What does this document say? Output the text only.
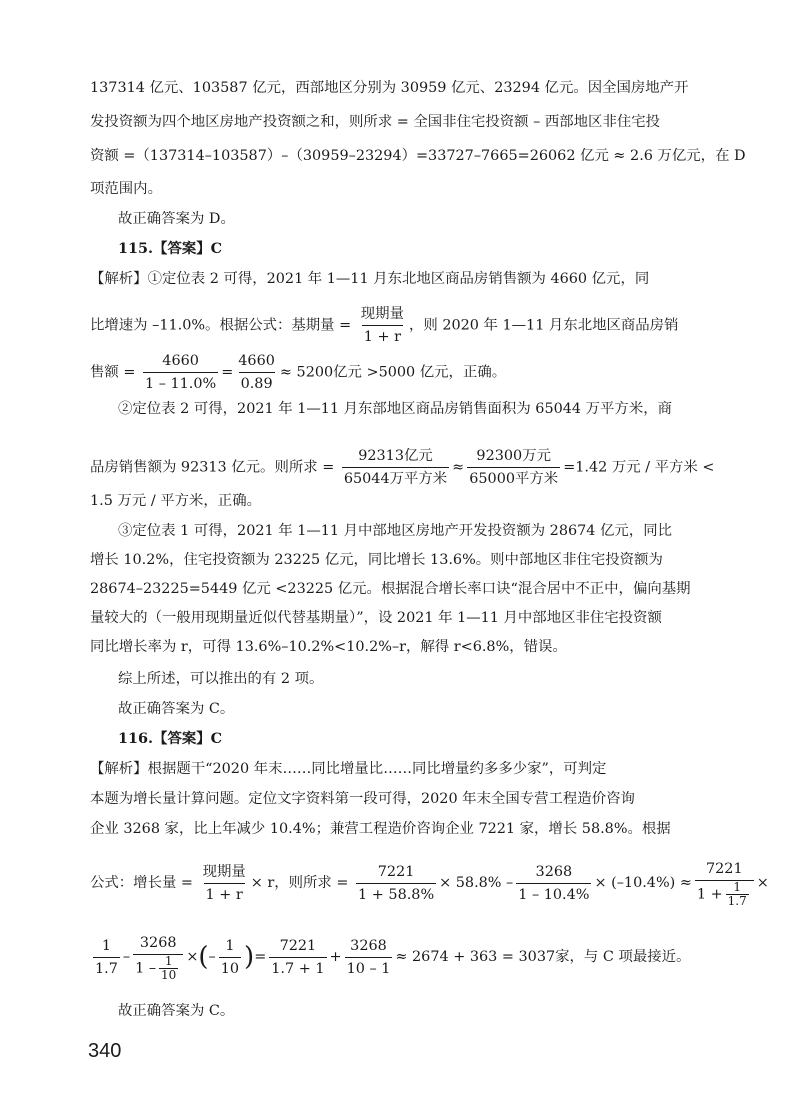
137314 亿元、103587 亿元，西部地区分别为 30959 亿元、23294 亿元。因全国房地产开
发投资额为四个地区房地产投资额之和，则所求 = 全国非住宅投资额 – 西部地区非住宅投
资额 =（137314–103587）–（30959–23294）=33727–7665=26062 亿元 ≈ 2.6 万亿元，在 D
项范围内。
故正确答案为 D。
115.【答案】C
【解析】①定位表 2 可得，2021 年 1—11 月东北地区商品房销售额为 4660 亿元，同
比增速为 –11.0%。根据公式：基期量 = $\frac{\text{现期量}}{1 + r}$ ，则 2020 年 1—11 月东北地区商品房销
售额 = $\frac{4660}{1 - 11.0\%} = \frac{4660}{0.89} \approx 5200$亿元 >5000 亿元，正确。
②定位表 2 可得，2021 年 1—11 月东部地区商品房销售面积为 65044 万平方米，商
品房销售额为 92313 亿元。则所求 = $\frac{\text{92313亿元}}{\text{65044万平方米}} \approx \frac{\text{92300万元}}{\text{65000平方米}} =1.42$ 万元 / 平方米 <
1.5 万元 / 平方米，正确。
③定位表 1 可得，2021 年 1—11 月中部地区房地产开发投资额为 28674 亿元，同比
增长 10.2%，住宅投资额为 23225 亿元，同比增长 13.6%。则中部地区非住宅投资额为
28674–23225=5449 亿元 <23225 亿元。根据混合增长率口诀“混合居中不正中，偏向基期
量较大的（一般用现期量近似代替基期量）”，设 2021 年 1—11 月中部地区非住宅投资额
同比增长率为 r，可得 13.6%–10.2%<10.2%–r，解得 r<6.8%，错误。
综上所述，可以推出的有 2 项。
故正确答案为 C。
116.【答案】C
【解析】根据题干“2020 年末……同比增量比……同比增量约多多少家”，可判定
本题为增长量计算问题。定位文字资料第一段可得，2020 年末全国专营工程造价咨询
企业 3268 家，比上年减少 10.4%；兼营工程造价咨询企业 7221 家，增长 58.8%。根据
公式：增长量 = $\frac{\text{现期量}}{1 + r} \times r$，则所求 = $\frac{7221}{1 + 58.8\%} \times 58.8\% - \frac{3268}{1 - 10.4\%} \times (-10.4\%) \approx \frac{7221}{1 + \frac{1}{1.7}}$ ×
$\frac{1}{1.7} - \frac{3268}{1 - \frac{1}{10}}$ ×(– $\frac{1}{10}$ )= $\frac{7221}{1.7 + 1} + \frac{3268}{10 - 1} \approx 2674 + 363 = 3037$家，与 C 项最接近。
故正确答案为 C。
340
